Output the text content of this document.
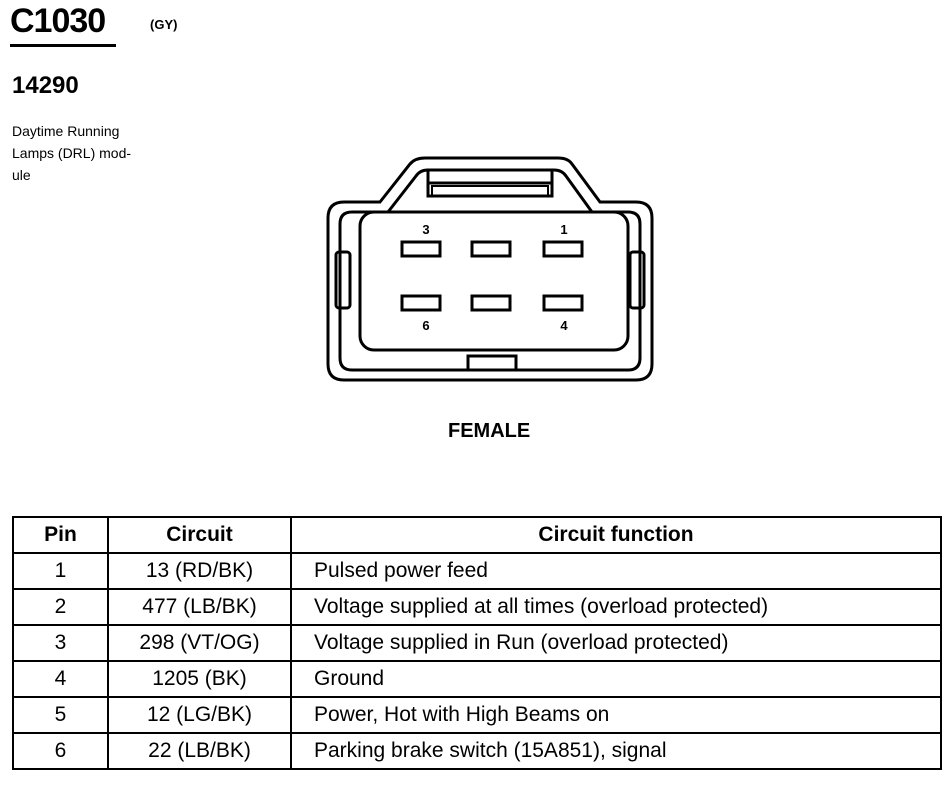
C1030	(GY)
14290
Daytime Running
Lamps (DRL) mod-
ule
3	1
6	4
FEMALE
Pin	Circuit	Circuit function
1	13 (RD/BK)	Pulsed power feed
2	477 (LB/BK)	Voltage supplied at all times (overload protected)
3	298 (VT/OG)	Voltage supplied in Run (overload protected)
4	1205 (BK)	Ground
5	12 (LG/BK)	Power, Hot with High Beams on
6	22 (LB/BK)	Parking brake switch (15A851), signal
